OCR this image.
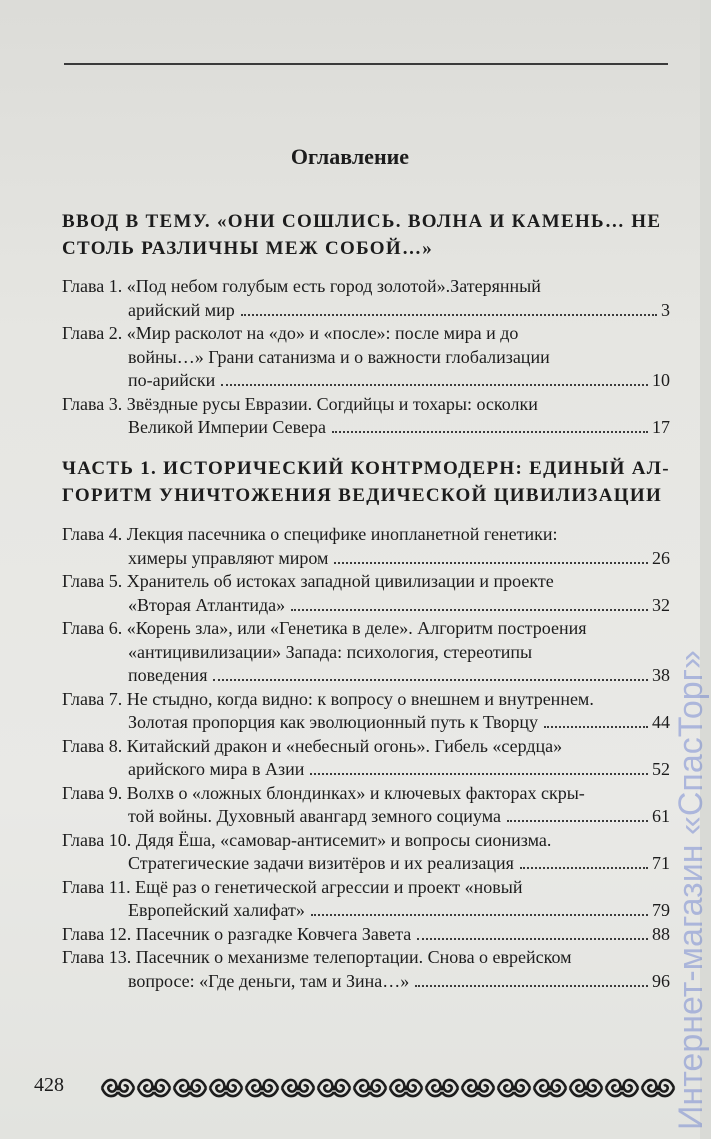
Оглавление
ВВОД В ТЕМУ. «ОНИ СОШЛИСЬ. ВОЛНА И КАМЕНЬ… НЕ
СТОЛЬ РАЗЛИЧНЫ МЕЖ СОБОЙ…»
Глава 1. «Под небом голубым есть город золотой».Затерянный
арийский мир	3
Глава 2. «Мир расколот на «до» и «после»: после мира и до
войны…» Грани сатанизма и о важности глобализации
по-арийски	10
Глава 3. Звёздные русы Евразии. Согдийцы и тохары: осколки
Великой Империи Севера	17
ЧАСТЬ 1. ИСТОРИЧЕСКИЙ КОНТРМОДЕРН: ЕДИНЫЙ АЛ-
ГОРИТМ УНИЧТОЖЕНИЯ ВЕДИЧЕСКОЙ ЦИВИЛИЗАЦИИ
Глава 4. Лекция пасечника о специфике инопланетной генетики:
химеры управляют миром	26
Глава 5. Хранитель об истоках западной цивилизации и проекте
«Вторая Атлантида»	32
Глава 6. «Корень зла», или «Генетика в деле». Алгоритм построения
«антицивилизации» Запада: психология, стереотипы
поведения	38
Глава 7. Не стыдно, когда видно: к вопросу о внешнем и внутреннем.
Золотая пропорция как эволюционный путь к Творцу	44
Глава 8. Китайский дракон и «небесный огонь». Гибель «сердца»
арийского мира в Азии	52
Глава 9. Волхв о «ложных блондинках» и ключевых факторах скры-
той войны. Духовный авангард земного социума	61
Глава 10. Дядя Ёша, «самовар-антисемит» и вопросы сионизма.
Стратегические задачи визитёров и их реализация	71
Глава 11. Ещё раз о генетической агрессии и проект «новый
Европейский халифат»	79
Глава 12. Пасечник о разгадке Ковчега Завета	88
Глава 13. Пасечник о механизме телепортации. Снова о еврейском
вопросе: «Где деньги, там и Зина…»	96
428	Интернет-магазин «СпасТорг»
